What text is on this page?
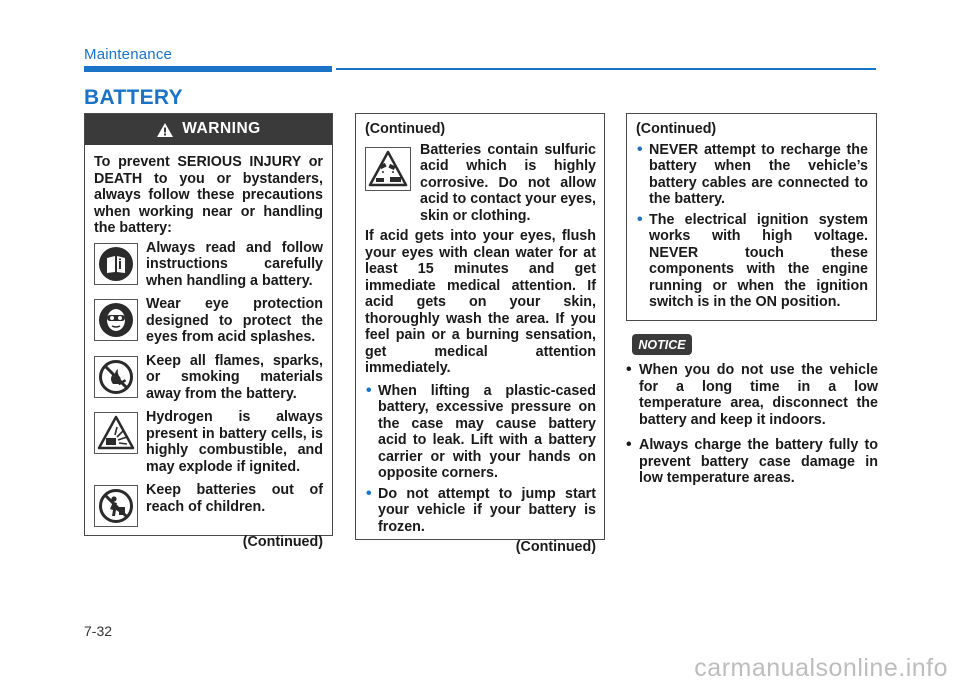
Maintenance
BATTERY
WARNING

To prevent SERIOUS INJURY or DEATH to you or bystanders, always follow these precautions when working near or handling the battery:

Always read and follow instructions carefully when handling a battery.
Wear eye protection designed to protect the eyes from acid splashes.
Keep all flames, sparks, or smoking materials away from the battery.
Hydrogen is always present in battery cells, is highly combustible, and may explode if ignited.
Keep batteries out of reach of children.
(Continued)
(Continued)
Batteries contain sulfuric acid which is highly corrosive. Do not allow acid to contact your eyes, skin or clothing.

If acid gets into your eyes, flush your eyes with clean water for at least 15 minutes and get immediate medical attention. If acid gets on your skin, thoroughly wash the area. If you feel pain or a burning sensation, get medical attention immediately.

• When lifting a plastic-cased battery, excessive pressure on the case may cause battery acid to leak. Lift with a battery carrier or with your hands on opposite corners.
• Do not attempt to jump start your vehicle if your battery is frozen.
(Continued)
(Continued)
• NEVER attempt to recharge the battery when the vehicle’s battery cables are connected to the battery.
• The electrical ignition system works with high voltage. NEVER touch these components with the engine running or when the ignition switch is in the ON position.
NOTICE
• When you do not use the vehicle for a long time in a low temperature area, disconnect the battery and keep it indoors.
• Always charge the battery fully to prevent battery case damage in low temperature areas.
7-32
carmanualsonline.info
